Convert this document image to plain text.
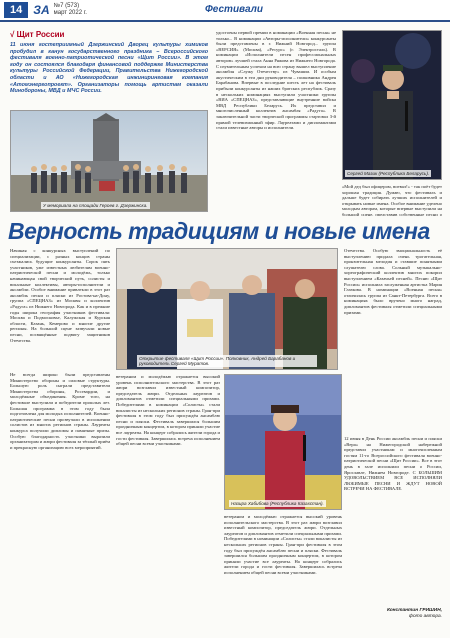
14 ЗА №7 (573)
март 2022 г.	Фестивали
√ Щит России
11 июня гостеприимный Дзержинский Дворец культуры химиков пробудил в канун государственного праздника – Всероссийского фестиваля военно-патриотической песни «Щит России». В этом году он состоялся благодаря финансовой поддержке Министерства культуры Российской Федерации, Правительства Нижегородской области и АО «Нижегородская инжиниринговая компания «Атомэнергопроект». Организаторы помощь артистам оказали Минобороны, МВД и МЧС России.
У мемориала на площади Героев г. Дзержинска.
удостоены первой премии в номинации «Военная песня» не только... В номинации «Авторы-исполнители» конкурсанты были представлены в г. Нижний Новгород... группа «ВЕРСИЯ» (Москва), «Ресурс» (г. Электросталь). В номинации «Исполнители песен профессиональных авторов» лучшей стала Анна Ряжова из Нижнего Новгорода. С изумительным успехом на всю страну вышел выступление ансамбля «Служу Отечеству» из Чувашии. И особым акустическим в эти дни руководителя – полковника Андрея Барабанова. Впервые в последние шесть лет на фестиваль прибыли конкурсанты из наших братских республик. Сразу в нескольких номинациях выступили участники группы «ВИА «СПЕЦНАЗ», представляющие внутренние войска МВД Республики Беларусь. Их представил и многочисленный коллектив ансамбля «Радуга». В заключительной части творческой программы стартовал 3-й прямой телевизионный эфир. Лауреатами и дипломантами стали известные авторы и исполнители.
Сергей Мазик (Республика Беларусь).
«Мой дед был офицером, воевал!» - так поёт будет хорошая традиция. Думаю, что фестиваль и дальше будет собирать лучших исполнителей и открывать новые имена. Особое внимание уделено молодым авторам, которые впервые выступили на большой сцене, представив собственные песни о
Верность традициям и новые имена
Начиная с конкурсных выступлений по специализации, с разных концов страны съезжались будущие конкурсанты. Сорок пять участников, уже известных любителям военно-патриотической песни и молодёжь, только начинающая свой творческий путь, солисты и вокальные коллективы, авторы-исполнители и ансамбли. Особое внимание привлекли в этот раз ансамбль песни и пляски из Ростова-на-Дону, группа «СПЕЦНАЗ» из Москвы и коллектив «Радуга» из Нижнего Новгорода. Как и в прежние годы широка география участников фестиваля: Москва и Подмосковье, Калужская и Курская области, Казань, Кемерово и многие другие регионы. На большой сцене зазвучали новые песни, посвящённые подвигу защитников Отечества.
Не всегда широко были представлены Министерство обороны и силовые структуры. Большую роль сыграли представители Министерства обороны, Росгвардии, и молодёжные объединения. Кроме того, на фестивале выступили и победители прошлых лет. Большая программа в этом году была подготовлена для молодых исполнителей. Военно-патриотические песни прозвучали в исполнении солистов из многих регионов страны. Лауреаты конкурса получили дипломы и памятные призы. Особую благодарность участники выразили организаторам и жюри фестиваля за тёплый приём и прекрасную организацию всех мероприятий.
Открытие фестиваля «Щит России». Полковник, Андрей Барабанов и руководитель Сергей Муратов.
ветераном и молодёжью отражается высокий уровень исполнительского мастерства. В этот раз жюри возглавил известный композитор, председатель жюри. Отдельных лауреатов и дипломантов отметили специальными призами. Победителями в номинации «Солисты» стали вокалисты из нескольких регионов страны. Гран-при фестиваля в этом году был присуждён ансамблю песни и пляски. Фестиваль завершился большим праздничным концертом, в котором приняли участие все лауреаты. На концерт собрались жители города и гости фестиваля. Завершилась встреча исполнением общей песни всеми участниками.
Отечества. Особую эмоциональность её выступлению придала очень трогательная, пронзительная мелодия и ставшие понятными слушателю слова. Сольный музыкально-хореографический коллектив многих покорил выступлением «Казачьей песней». Песню «Щит России» исполнила заслуженная артистка Мария Глазкова. В номинации «Военная песня» отличилась группа из Санкт-Петербурга. Всего в номинациях было вручено много наград, дипломантов фестиваля отметили специальными призами.
Назира Хабибова (Республика Казахстан).
ветераном и молодёжью отражается высокий уровень исполнительского мастерства. В этот раз жюри возглавил известный композитор, председатель жюри. Отдельных лауреатов и дипломантов отметили специальными призами. Победителями в номинации «Солисты» стали вокалисты из нескольких регионов страны. Гран-при фестиваля в этом году был присуждён ансамблю песни и пляски. Фестиваль завершился большим праздничным концертом, в котором приняли участие все лауреаты. На концерт собрались жители города и гости фестиваля. Завершилась встреча исполнением общей песни всеми участниками.
12 июня в День России ансамбль песни и пляски «Вера» на Нижегородской набережной представил участникам и многочисленным гостям 11-го Всероссийского фестиваля военно-патриотической песни «Щит России». Все в этот день в зале исполнили песни о России, Ярославле, Нижнем Новгороде. С БОЛЬШИМ УДОВОЛЬСТВИЕМ ВСЕ ИСПОЛНЯЛИ ЛЮБИМЫЕ ПЕСНИ И ЖДУТ НОВОЙ ВСТРЕЧИ НА ФЕСТИВАЛЕ.
Константин ГРИШИН,
фото автора.
